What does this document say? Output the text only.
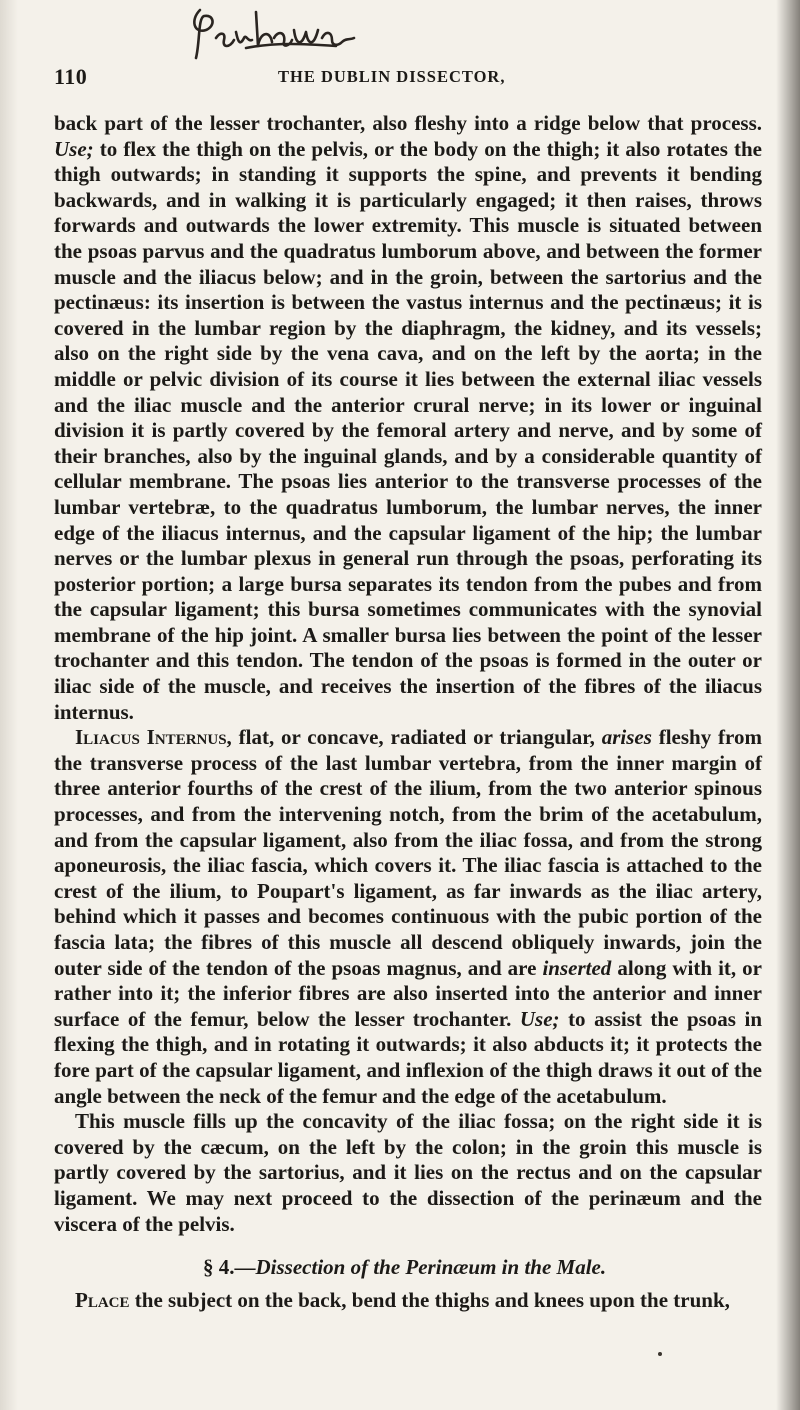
110	THE DUBLIN DISSECTOR,

back part of the lesser trochanter, also fleshy into a ridge below that process. Use; to flex the thigh on the pelvis, or the body on the thigh; it also rotates the thigh outwards; in standing it supports the spine, and prevents it bending backwards, and in walking it is particularly engaged; it then raises, throws forwards and outwards the lower extremity. This muscle is situated between the psoas parvus and the quadratus lumborum above, and between the former muscle and the iliacus below; and in the groin, between the sartorius and the pectinæus: its insertion is between the vastus internus and the pectinæus; it is covered in the lumbar region by the diaphragm, the kidney, and its vessels; also on the right side by the vena cava, and on the left by the aorta; in the middle or pelvic division of its course it lies between the external iliac vessels and the iliac muscle and the anterior crural nerve; in its lower or inguinal division it is partly covered by the femoral artery and nerve, and by some of their branches, also by the inguinal glands, and by a considerable quantity of cellular membrane. The psoas lies anterior to the transverse processes of the lumbar vertebræ, to the quadratus lumborum, the lumbar nerves, the inner edge of the iliacus internus, and the capsular ligament of the hip; the lumbar nerves or the lumbar plexus in general run through the psoas, perforating its posterior portion; a large bursa separates its tendon from the pubes and from the capsular ligament; this bursa sometimes communicates with the synovial membrane of the hip joint. A smaller bursa lies between the point of the lesser trochanter and this tendon. The tendon of the psoas is formed in the outer or iliac side of the muscle, and receives the insertion of the fibres of the iliacus internus.

Iliacus Internus, flat, or concave, radiated or triangular, arises fleshy from the transverse process of the last lumbar vertebra, from the inner margin of three anterior fourths of the crest of the ilium, from the two anterior spinous processes, and from the intervening notch, from the brim of the acetabulum, and from the capsular ligament, also from the iliac fossa, and from the strong aponeurosis, the iliac fascia, which covers it. The iliac fascia is attached to the crest of the ilium, to Poupart's ligament, as far inwards as the iliac artery, behind which it passes and becomes continuous with the pubic portion of the fascia lata; the fibres of this muscle all descend obliquely inwards, join the outer side of the tendon of the psoas magnus, and are inserted along with it, or rather into it; the inferior fibres are also inserted into the anterior and inner surface of the femur, below the lesser trochanter. Use; to assist the psoas in flexing the thigh, and in rotating it outwards; it also abducts it; it protects the fore part of the capsular ligament, and inflexion of the thigh draws it out of the angle between the neck of the femur and the edge of the acetabulum.

This muscle fills up the concavity of the iliac fossa; on the right side it is covered by the cæcum, on the left by the colon; in the groin this muscle is partly covered by the sartorius, and it lies on the rectus and on the capsular ligament. We may next proceed to the dissection of the perinæum and the viscera of the pelvis.

§ 4.—Dissection of the Perinæum in the Male.

Place the subject on the back, bend the thighs and knees upon the trunk,
